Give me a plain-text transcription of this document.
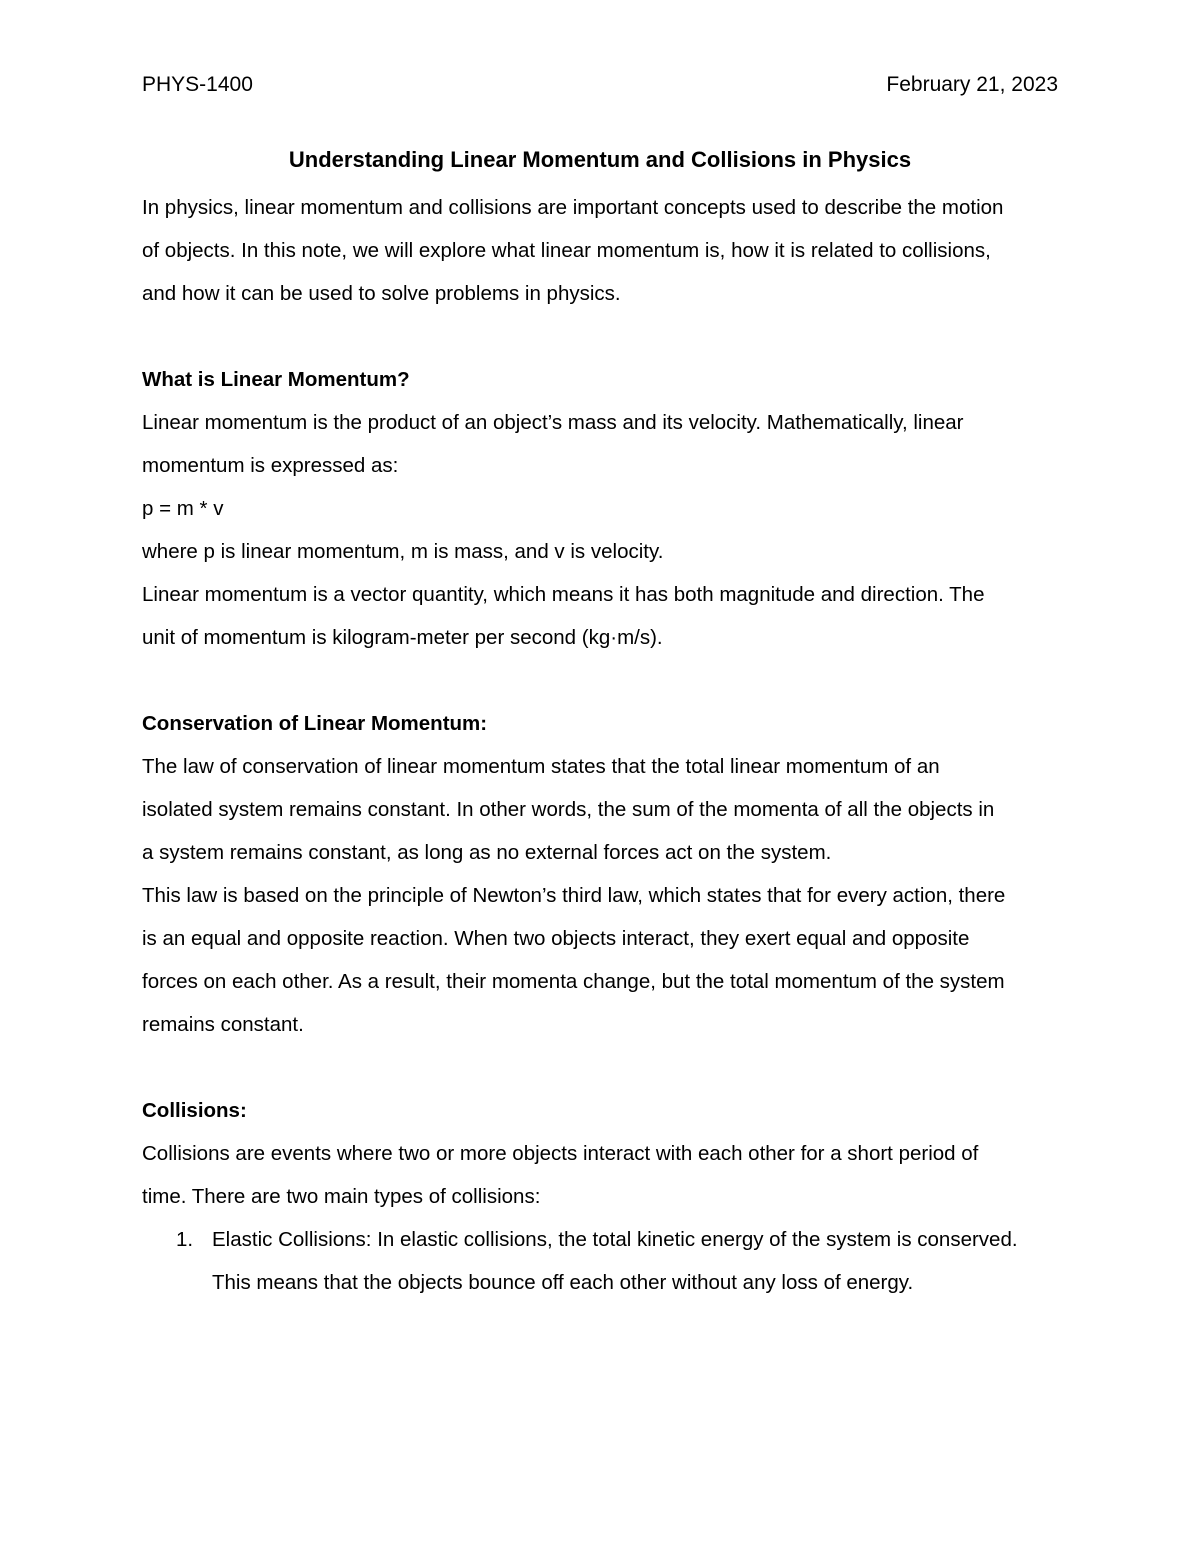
PHYS-1400	February 21, 2023
Understanding Linear Momentum and Collisions in Physics
In physics, linear momentum and collisions are important concepts used to describe the motion
of objects. In this note, we will explore what linear momentum is, how it is related to collisions,
and how it can be used to solve problems in physics.
What is Linear Momentum?
Linear momentum is the product of an object’s mass and its velocity. Mathematically, linear
momentum is expressed as:
p = m * v
where p is linear momentum, m is mass, and v is velocity.
Linear momentum is a vector quantity, which means it has both magnitude and direction. The
unit of momentum is kilogram-meter per second (kg·m/s).
Conservation of Linear Momentum:
The law of conservation of linear momentum states that the total linear momentum of an
isolated system remains constant. In other words, the sum of the momenta of all the objects in
a system remains constant, as long as no external forces act on the system.
This law is based on the principle of Newton’s third law, which states that for every action, there
is an equal and opposite reaction. When two objects interact, they exert equal and opposite
forces on each other. As a result, their momenta change, but the total momentum of the system
remains constant.
Collisions:
Collisions are events where two or more objects interact with each other for a short period of
time. There are two main types of collisions:
1. Elastic Collisions: In elastic collisions, the total kinetic energy of the system is conserved.
This means that the objects bounce off each other without any loss of energy.
